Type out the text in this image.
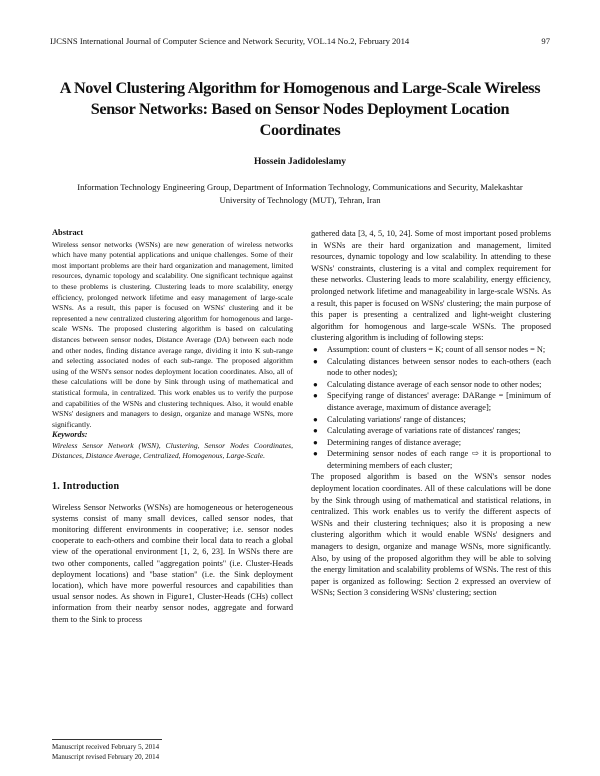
IJCSNS International Journal of Computer Science and Network Security, VOL.14 No.2, February 2014	97
A Novel Clustering Algorithm for Homogenous and Large-Scale Wireless Sensor Networks: Based on Sensor Nodes Deployment Location Coordinates
Hossein Jadidoleslamy
Information Technology Engineering Group, Department of Information Technology, Communications and Security, Malekashtar University of Technology (MUT), Tehran, Iran
Abstract
Wireless sensor networks (WSNs) are new generation of wireless networks which have many potential applications and unique challenges. Some of their most important problems are their hard organization and management, limited resources, dynamic topology and scalability. One significant technique against to these problems is clustering. Clustering leads to more scalability, energy efficiency, prolonged network lifetime and easy management of large-scale WSNs. As a result, this paper is focused on WSNs' clustering and it be represented a new centralized clustering algorithm for homogenous and large-scale WSNs. The proposed clustering algorithm is based on calculating distances between sensor nodes, Distance Average (DA) between each node and other nodes, finding distance average range, dividing it into K sub-range and selecting associated nodes of each sub-range. The proposed algorithm using of the WSN's sensor nodes deployment location coordinates. Also, all of these calculations will be done by Sink through using of mathematical and statistical formula, in centralized. This work enables us to verify the purpose and capabilities of the WSNs and clustering techniques. Also, it would enable WSNs' designers and managers to design, organize and manage WSNs, more significantly.
Keywords:
Wireless Sensor Network (WSN), Clustering, Sensor Nodes Coordinates, Distances, Distance Average, Centralized, Homogenous, Large-Scale.
1. Introduction
Wireless Sensor Networks (WSNs) are homogeneous or heterogeneous systems consist of many small devices, called sensor nodes, that monitoring different environments in cooperative; i.e. sensor nodes cooperate to each-others and combine their local data to reach a global view of the operational environment [1, 2, 6, 23]. In WSNs there are two other components, called "aggregation points" (i.e. Cluster-Heads deployment locations) and "base station" (i.e. the Sink deployment location), which have more powerful resources and capabilities than usual sensor nodes. As shown in Figure1, Cluster-Heads (CHs) collect information from their nearby sensor nodes, aggregate and forward them to the Sink to process
gathered data [3, 4, 5, 10, 24]. Some of most important posed problems in WSNs are their hard organization and management, limited resources, dynamic topology and low scalability. In attending to these WSNs' constraints, clustering is a vital and complex requirement for these networks. Clustering leads to more scalability, energy efficiency, prolonged network lifetime and manageability in large-scale WSNs. As a result, this paper is focused on WSNs' clustering; the main purpose of this paper is presenting a centralized and light-weight clustering algorithm for homogenous and large-scale WSNs. The proposed clustering algorithm is including of following steps:
● Assumption: count of clusters = K; count of all sensor nodes = N;
● Calculating distances between sensor nodes to each-others (each node to other nodes);
● Calculating distance average of each sensor node to other nodes;
● Specifying range of distances' average: DARange = [minimum of distance average, maximum of distance average];
● Calculating variations' range of distances;
● Calculating average of variations rate of distances' ranges;
● Determining ranges of distance average;
● Determining sensor nodes of each range ⇨ it is proportional to determining members of each cluster;
The proposed algorithm is based on the WSN's sensor nodes deployment location coordinates. All of these calculations will be done by the Sink through using of mathematical and statistical relations, in centralized. This work enables us to verify the different aspects of WSNs and their clustering techniques; also it is proposing a new clustering algorithm which it would enable WSNs' designers and managers to design, organize and manage WSNs, more significantly. Also, by using of the proposed algorithm they will be able to solving the energy limitation and scalability problems of WSNs. The rest of this paper is organized as following: Section 2 expressed an overview of WSNs; Section 3 considering WSNs' clustering; section
Manuscript received February 5, 2014
Manuscript revised February 20, 2014
